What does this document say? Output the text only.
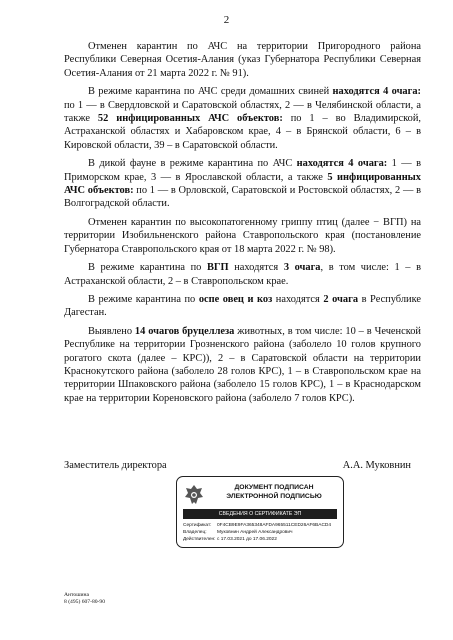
2

Отменен карантин по АЧС на территории Пригородного района Республики Северная Осетия-Алания (указ Губернатора Республики Северная Осетия-Алания от 21 марта 2022 г. № 91).

В режиме карантина по АЧС среди домашних свиней находятся 4 очага: по 1 — в Свердловской и Саратовской областях, 2 — в Челябинской области, а также 52 инфицированных АЧС объектов: по 1 – во Владимирской, Астраханской областях и Хабаровском крае, 4 – в Брянской области, 6 – в Кировской области, 39 – в Саратовской области.

В дикой фауне в режиме карантина по АЧС находятся 4 очага: 1 — в Приморском крае, 3 — в Ярославской области, а также 5 инфицированных АЧС объектов: по 1 — в Орловской, Саратовской и Ростовской областях, 2 — в Волгоградской области.

Отменен карантин по высокопатогенному гриппу птиц (далее − ВГП) на территории Изобильненского района Ставропольского края (постановление Губернатора Ставропольского края от 18 марта 2022 г. № 98).

В режиме карантина по ВГП находятся 3 очага, в том числе: 1 – в Астраханской области, 2 – в Ставропольском крае.

В режиме карантина по оспе овец и коз находятся 2 очага в Республике Дагестан.

Выявлено 14 очагов бруцеллеза животных, в том числе: 10 – в Чеченской Республике на территории Грозненского района (заболело 10 голов крупного рогатого скота (далее – КРС)), 2 – в Саратовской области на территории Краснокутского района (заболело 28 голов КРС), 1 – в Ставропольском крае на территории Шпаковского района (заболело 15 голов КРС), 1 – в Краснодарском крае на территории Кореновского района (заболело 7 голов КРС).

Заместитель директора	А.А. Муковнин
ДОКУМЕНТ ПОДПИСАН ЭЛЕКТРОННОЙ ПОДПИСЬЮ
СВЕДЕНИЯ О СЕРТИФИКАТЕ ЭП
Сертификат: 0F4CB9E9FA365348AFDA965511CED26AF6BACD4
Владелец: Муковнин Андрей Александрович
Действителен:с 17.03.2021 до 17.06.2022
Антошина
8 (495) 607-80-90
